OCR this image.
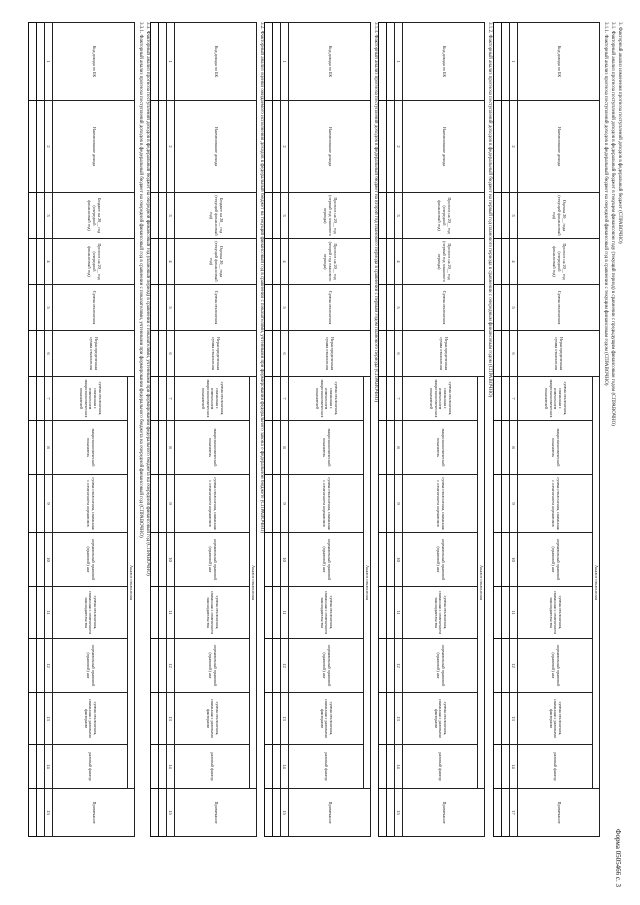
Форма 0505466 с. 3
3. Факторный анализ изменения прогноза поступлений доходов в федеральный бюджет (СПРАВОЧНО)
3.1. Факторный анализ прогноза поступлений доходов в федеральный бюджет в текущем финансовом году (текущий период) в сравнении с предыдущим финансовым годом (СПРАВОЧНО)
3.1.1. Факторный анализ прогноза поступлений доходов в федеральный бюджет на очередной финансовый год в сравнении с текущим финансовым годом (СПРАВОЧНО)
3.1.2. Факторный анализ прогноза поступлений доходов в федеральный бюджет на первый год планового периода в сравнении с очередным финансовым годом (СПРАВОЧНО)
3.1.3. Факторный анализ прогноза поступлений доходов в федеральный бюджет на второй год планового периода в сравнении с первым годом планового периода (СПРАВОЧНО)
3.2. Факторный анализ оценки ожидаемого исполнения доходов в федеральный бюджет на текущий финансовый год в сравнении с показателями, учтенными при формировании федерального закона о федеральном бюджете (СПРАВОЧНО)
3.3. Факторный анализ прогноза поступлений доходов в федеральный бюджет на очередной финансовый год (плановый период) в сравнении с показателями, учтенными при формировании федерального бюджета на очередной финансовый год (СПРАВОЧНО)
3.3.1. Факторный анализ прогноза поступлений доходов в федеральный бюджет на очередной финансовый год в сравнении с показателями, учтенными при формировании федерального бюджета на очередной финансовый год (СПРАВОЧНО)	Код дохода по БК	Наименование дохода	Оценка 20__ года (текущий финансовый год)	Прогноз на 20__ год (очередной финансовый год)	Сумма отклонения	Нераспределенная сумма отклонения	Анализ отклонения								Примечание
						сумма отклонения, связанная с изменением макроэкономических показателей	макроэкономический показатель	сумма отклонения, связанная с изменением нормативов	нормативный правовой (правовой) акт	сумма отклонения, связанная с изменением законодательства	нормативный правовой (правовой) акт	сумма отклонения, связанная с разовыми факторами	разовый фактор	
1	2	3	4	5	6	7	8	9	10	11	12	13	14	17

Код дохода по БК	Наименование дохода	Прогноз на 20__ год (очередной финансовый год)	Прогноз на 20__ год (первый год планового периода)	Сумма отклонения	Нераспределенная сумма отклонения	Анализ отклонения								Примечание
						сумма отклонения, связанная с изменением макроэкономических показателей	макроэкономический показатель	сумма отклонения, связанная с изменением нормативов	нормативный правовой (правовой) акт	сумма отклонения, связанная с изменением законодательства	нормативный правовой (правовой) акт	сумма отклонения, связанная с разовыми факторами	разовый фактор	
1	2	3	4	5	6	7	8	9	10	11	12	13	14	15

Код дохода по БК	Наименование дохода	Прогноз на 20__ год (первый год планового периода)	Прогноз на 20__ год (второй год планового периода)	Сумма отклонения	Нераспределенная сумма отклонения	Анализ отклонения								Примечание
						сумма отклонения, связанная с изменением макроэкономических показателей	макроэкономический показатель	сумма отклонения, связанная с изменением нормативов	нормативный правовой (правовой) акт	сумма отклонения, связанная с изменением законодательства	нормативный правовой (правовой) акт	сумма отклонения, связанная с разовыми факторами	разовый фактор	
1	2	3	4	5	6	7	8	9	10	11	12	13	14	15

Код дохода по БК	Наименование дохода	Бюджет на 20__ год (текущий финансовый год)	Оценка 20__ года (текущий финансовый год)	Сумма отклонения	Нераспределенная сумма отклонения	Анализ отклонения								Примечание
						сумма отклонения, связанная с изменением макроэкономических показателей	макроэкономический показатель	сумма отклонения, связанная с изменением нормативов	нормативный правовой (правовой) акт	сумма отклонения, связанная с изменением законодательства	нормативный правовой (правовой) акт	сумма отклонения, связанная с разовыми факторами	разовый фактор	
1	2	3	4	5	6	7	8	9	10	11	12	13	14	15

Код дохода по БК	Наименование дохода	Бюджет на 20__ год (очередной финансовый год)	Прогноз на 20__ год (очередной финансовый год)	Сумма отклонения	Нераспределенная сумма отклонения	Анализ отклонения								Примечание
						сумма отклонения, связанная с изменением макроэкономических показателей	макроэкономический показатель	сумма отклонения, связанная с изменением нормативов	нормативный правовой (правовой) акт	сумма отклонения, связанная с изменением законодательства	нормативный правовой (правовой) акт	сумма отклонения, связанная с разовыми факторами	разовый фактор	
1	2	3	4	5	6	7	8	9	10	11	12	13	14	15
